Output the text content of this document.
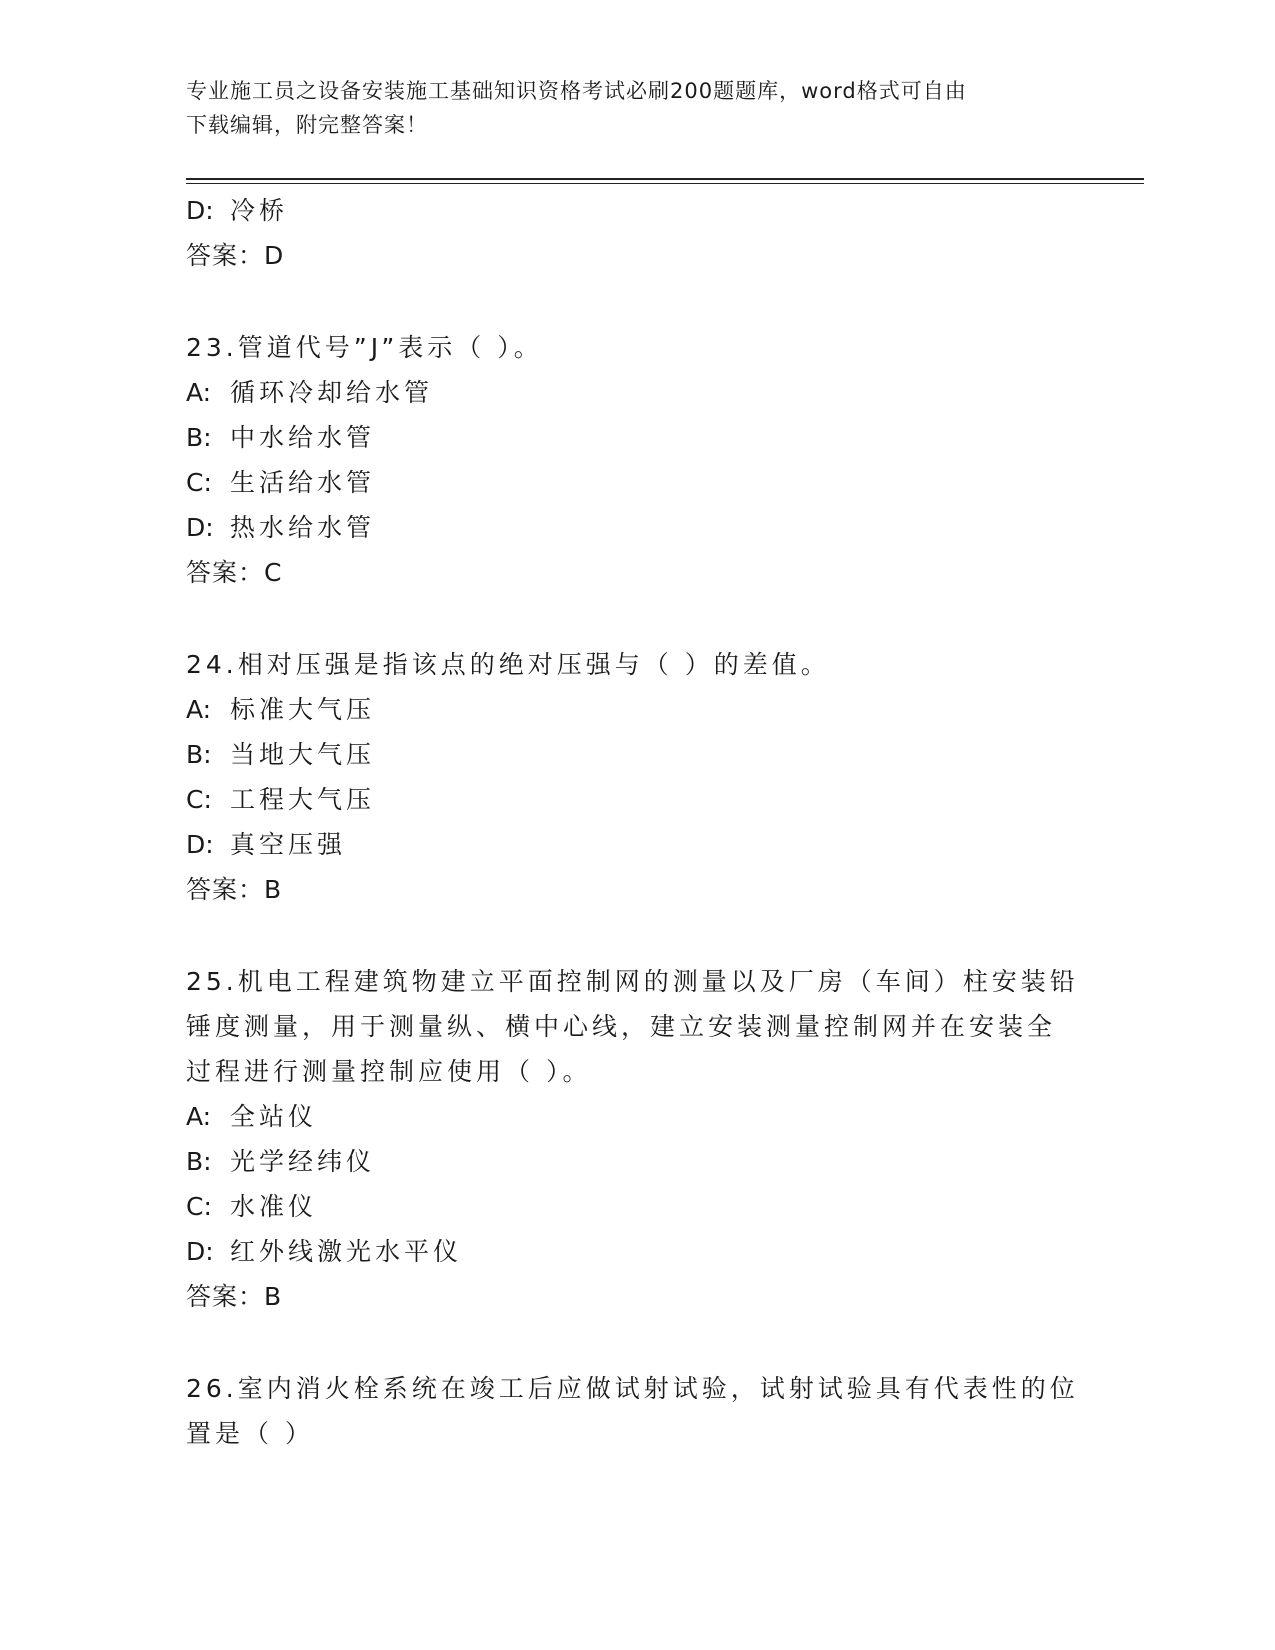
专业施工员之设备安装施工基础知识资格考试必刷200题题库，word格式可自由
下载编辑，附完整答案！

D: 冷桥
答案：D
23.管道代号”J”表示（ ）。
A: 循环冷却给水管
B: 中水给水管
C: 生活给水管
D: 热水给水管
答案：C
24.相对压强是指该点的绝对压强与（ ）的差值。
A: 标准大气压
B: 当地大气压
C: 工程大气压
D: 真空压强
答案：B
25.机电工程建筑物建立平面控制网的测量以及厂房（车间）柱安装铅
锤度测量，用于测量纵、横中心线，建立安装测量控制网并在安装全
过程进行测量控制应使用（ ）。
A: 全站仪
B: 光学经纬仪
C: 水准仪
D: 红外线激光水平仪
答案：B
26.室内消火栓系统在竣工后应做试射试验，试射试验具有代表性的位
置是（ ）
